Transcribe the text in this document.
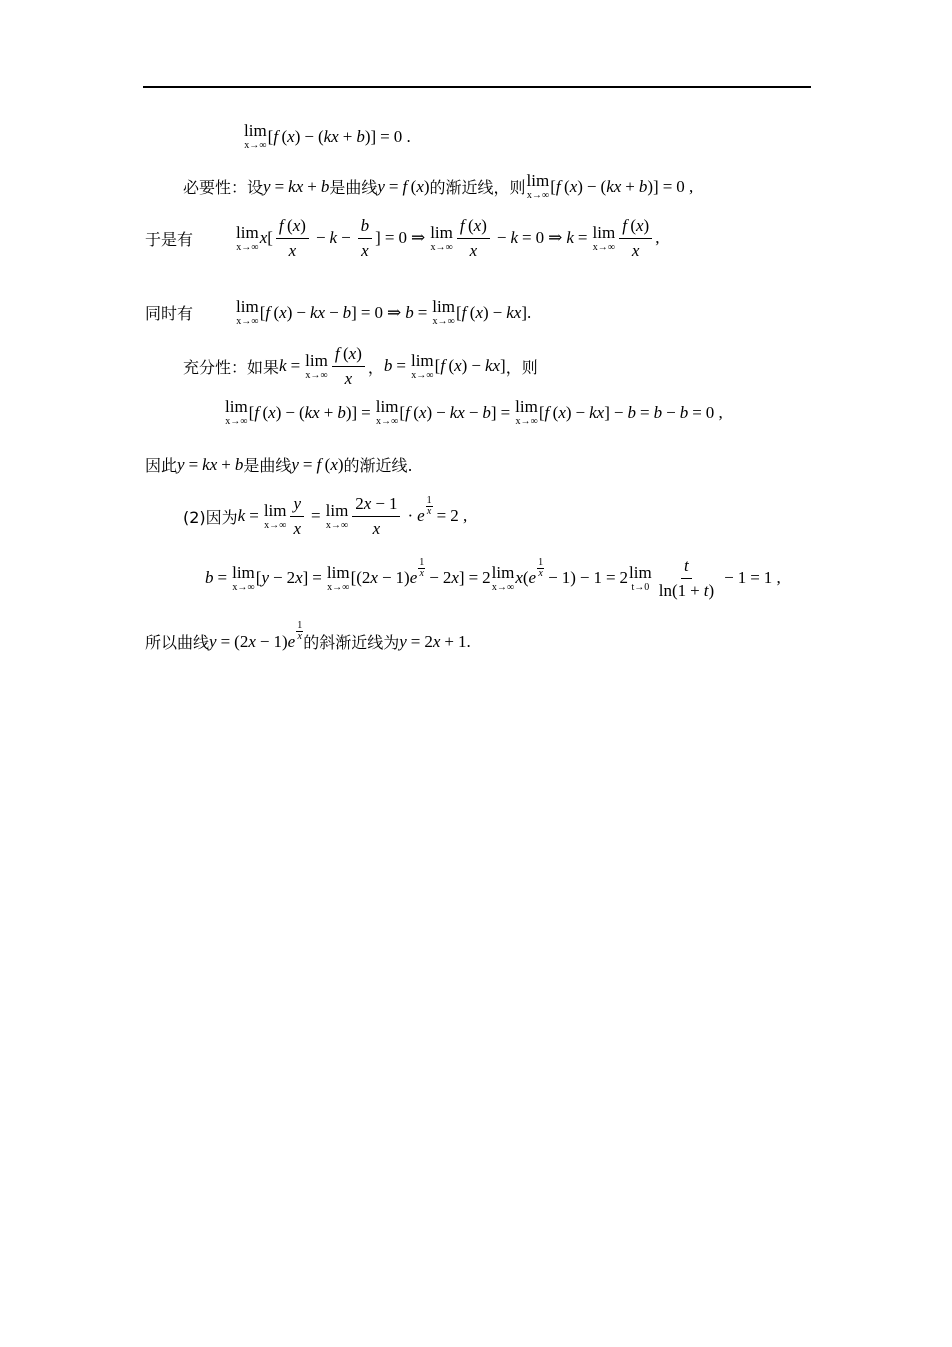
lim
x→∞ [ f  ( x ) − ( kx + b )] = 0 .
必要性：设 y = kx + b 是曲线 y = f  ( x ) 的渐近线，则 lim
x→∞ [ f  ( x ) − ( kx + b )] = 0 ,
于是有	lim
x→∞ x [ $\frac{f (x)}{x} - k - \frac{b}{x}$ ] = 0 ⇒ lim
$x\to\infty \frac{f (x)}{x} - k = 0$ ⇒ k = lim
$x\to\infty \frac{f (x)}{x}$ ,
同时有	lim
x→∞ [ f  ( x ) − kx − b ] = 0 ⇒ b = lim
x→∞ [ f  ( x ) − kx ].
充分性：如果 k = lim
$x\to\infty \frac{f (x)}{x}$ ， b = lim
x→∞ [ f  ( x ) − kx ] ， 则
lim
x→∞ [ f  ( x ) − ( kx + b )] = lim
x→∞ [ f  ( x ) − kx − b ] = lim
x→∞ [ f  ( x ) − kx ] − b = b − b = 0 ,
因此 y = kx + b 是曲线 y = f  ( x ) 的渐近线.
(2)因为 k = lim
$x\to\infty \frac{y}{x} = \lim$
$x\to\infty \frac{2x - 1}{x} \cdot e \frac{1}{x} = 2$ ,
b = lim
x→∞ [ y − 2 x ] = lim
x→∞ [(2 x − 1) e
1
x − 2 x ] = 2 lim
x→∞ x ( e
1
x − 1) − 1 = 2 lim
$t\to 0 \frac{t}{\ln(1 + t)} - 1 = 1$ ,
所以曲线 y = (2 x − 1) e
1
x 的斜渐近线为 y = 2 x + 1.
